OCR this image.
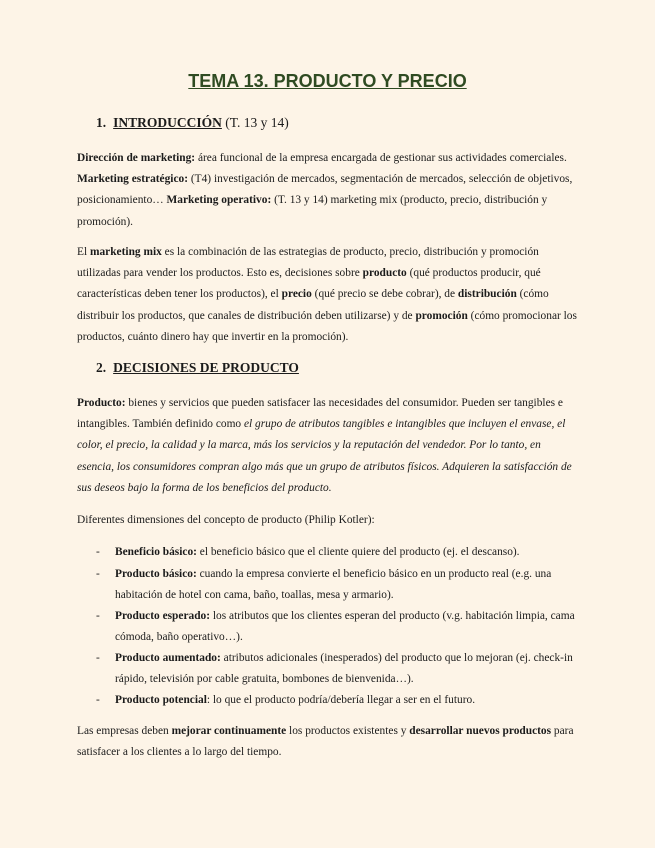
TEMA 13. PRODUCTO Y PRECIO
1. INTRODUCCIÓN (T. 13 y 14)
Dirección de marketing: área funcional de la empresa encargada de gestionar sus actividades comerciales. Marketing estratégico: (T4) investigación de mercados, segmentación de mercados, selección de objetivos, posicionamiento… Marketing operativo: (T. 13 y 14) marketing mix (producto, precio, distribución y promoción).
El marketing mix es la combinación de las estrategias de producto, precio, distribución y promoción utilizadas para vender los productos. Esto es, decisiones sobre producto (qué productos producir, qué características deben tener los productos), el precio (qué precio se debe cobrar), de distribución (cómo distribuir los productos, que canales de distribución deben utilizarse) y de promoción (cómo promocionar los productos, cuánto dinero hay que invertir en la promoción).
2. DECISIONES DE PRODUCTO
Producto: bienes y servicios que pueden satisfacer las necesidades del consumidor. Pueden ser tangibles e intangibles. También definido como el grupo de atributos tangibles e intangibles que incluyen el envase, el color, el precio, la calidad y la marca, más los servicios y la reputación del vendedor. Por lo tanto, en esencia, los consumidores compran algo más que un grupo de atributos físicos. Adquieren la satisfacción de sus deseos bajo la forma de los beneficios del producto.
Diferentes dimensiones del concepto de producto (Philip Kotler):
- Beneficio básico: el beneficio básico que el cliente quiere del producto (ej. el descanso).
- Producto básico: cuando la empresa convierte el beneficio básico en un producto real (e.g. una habitación de hotel con cama, baño, toallas, mesa y armario).
- Producto esperado: los atributos que los clientes esperan del producto (v.g. habitación limpia, cama cómoda, baño operativo…).
- Producto aumentado: atributos adicionales (inesperados) del producto que lo mejoran (ej. check-in rápido, televisión por cable gratuita, bombones de bienvenida…).
- Producto potencial: lo que el producto podría/debería llegar a ser en el futuro.
Las empresas deben mejorar continuamente los productos existentes y desarrollar nuevos productos para satisfacer a los clientes a lo largo del tiempo.
